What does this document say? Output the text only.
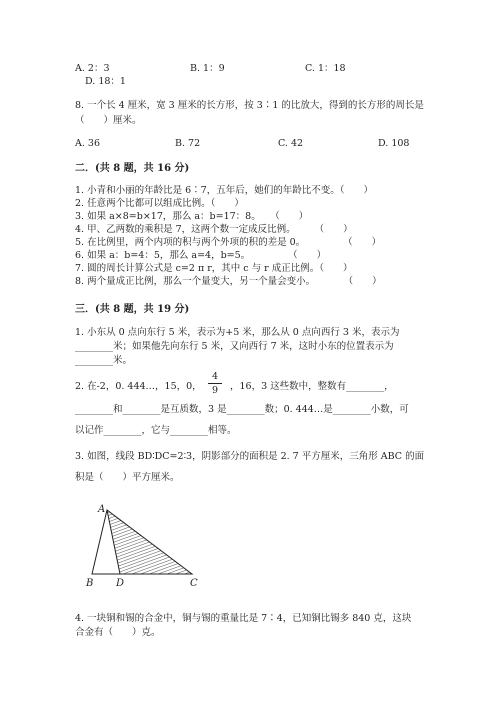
A. 2：3	B. 1：9	C. 1：18
D. 18：1
8. 一个长 4 厘米，宽 3 厘米的长方形，按 3∶1 的比放大，得到的长方形的周长是
（　　）厘米。
A. 36	B. 72	C. 42	D. 108
二．(共 8 题，共 16 分)
1. 小青和小丽的年龄比是 6∶7，五年后，她们的年龄比不变。（　　）
2. 任意两个比都可以组成比例。（　　）
3. 如果 a×8=b×17，那么 a：b=17：8。　　（　　）
4. 甲、乙两数的乘积是 7，这两个数一定成反比例。　　　（　　）
5. 在比例里，两个内项的积与两个外项的积的差是 0。　　　　　（　　）
6. 如果 a：b=4：5，那么 a=4，b=5。　　　　　（　　）
7. 圆的周长计算公式是 c=2 π r，其中 c 与 r 成正比例。（　　）
8. 两个量成正比例，那么一个量变大，另一个量会变小。　　　　（　　）
三．(共 8 题，共 19 分)
1. 小东从 0 点向东行 5 米，表示为+5 米，那么从 0 点向西行 3 米，表示为
________米；如果他先向东行 5 米，又向西行 7 米，这时小东的位置表示为
________米。
2. 在-2，0. 444…，15，0，
4
9	，16，3 这些数中，整数有________，
________和________是互质数，3 是________数；0. 444…是________小数，可
以记作________，它与________相等。
3. 如图，线段 BD∶DC=2∶3，阴影部分的面积是 2. 7 平方厘米，三角形 ABC 的面
积是（　　）平方厘米。
A
B D	C
4. 一块铜和锡的合金中，铜与锡的重量比是 7∶4，已知铜比锡多 840 克，这块
合金有（　　）克。
